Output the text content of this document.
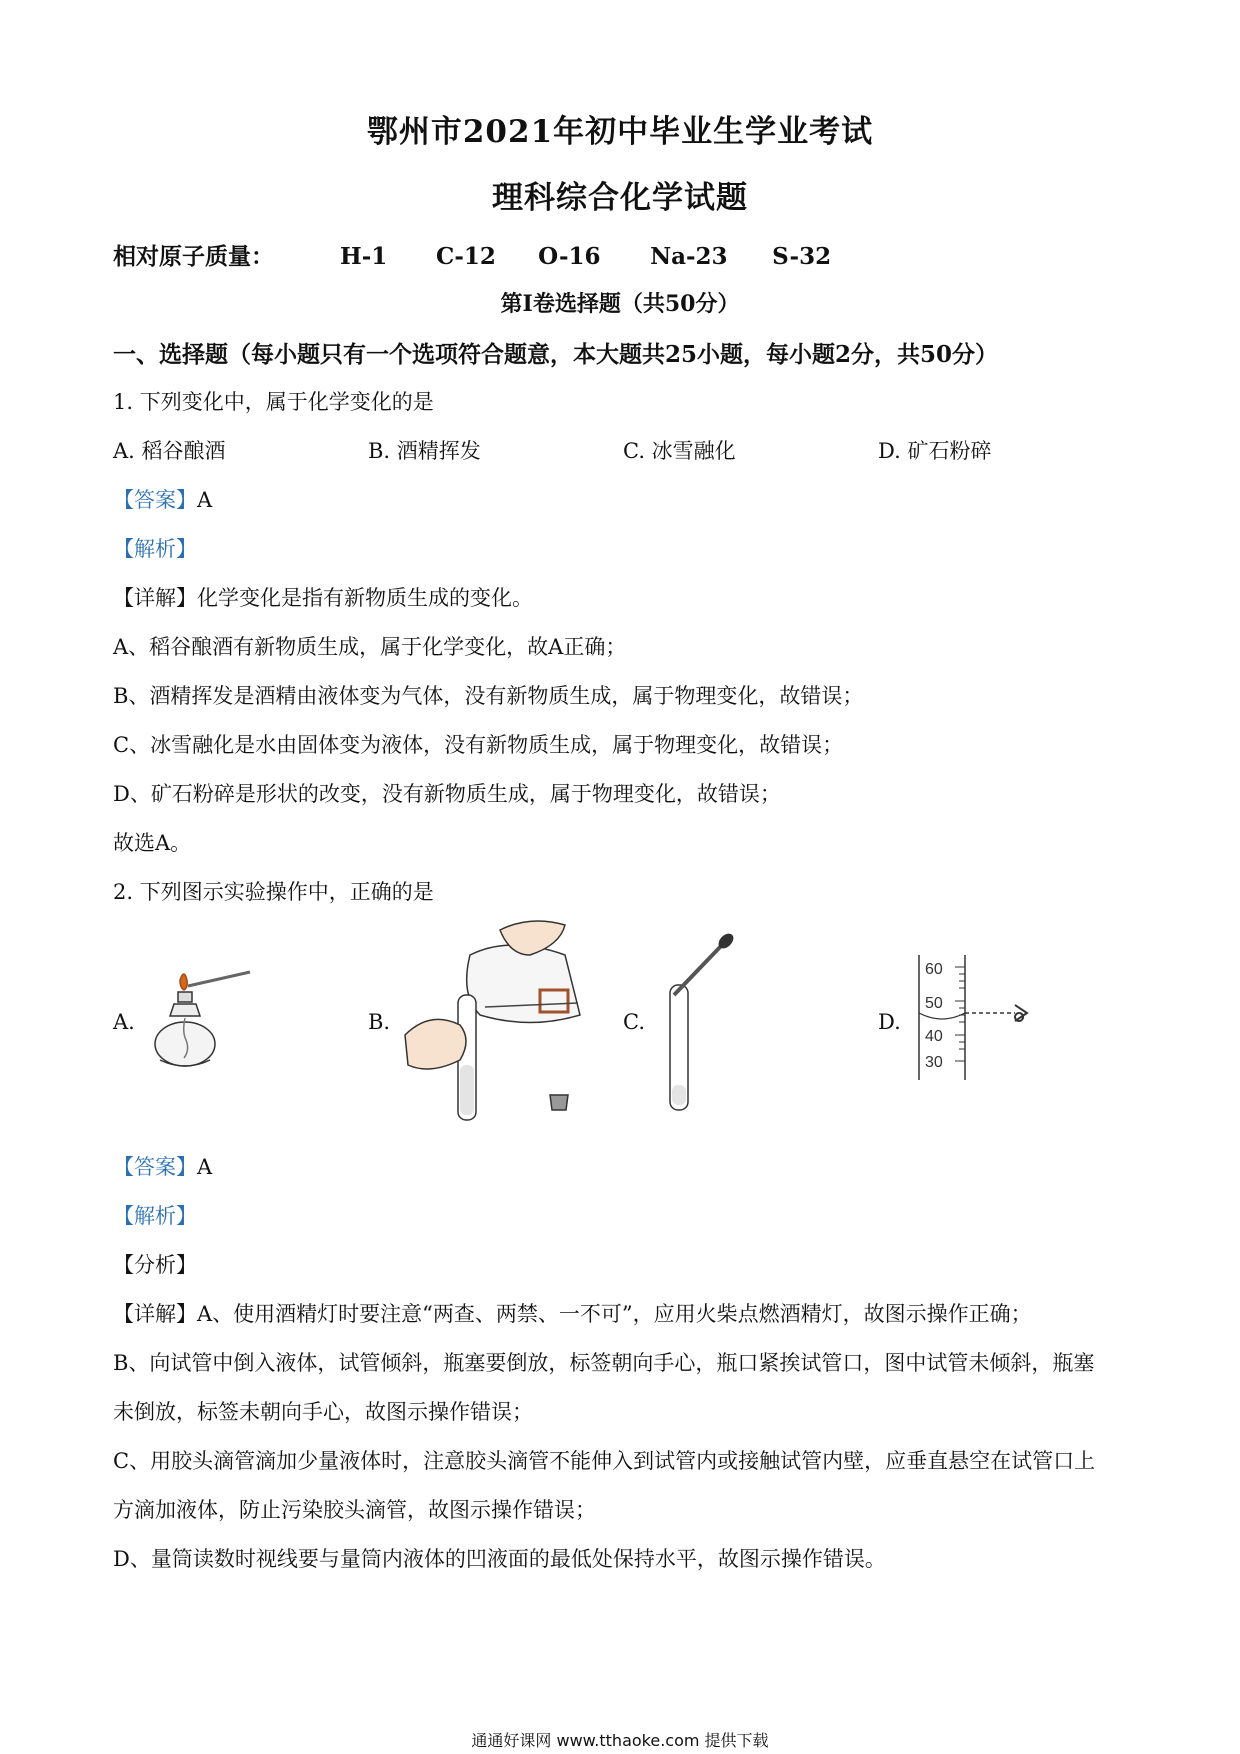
鄂州市2021年初中毕业生学业考试
理科综合化学试题
相对原子质量：	H-1 C-12 O-16 Na-23 S-32
第Ⅰ卷选择题（共50分）
一、选择题（每小题只有一个选项符合题意，本大题共25小题，每小题2分，共50分）
1. 下列变化中，属于化学变化的是
A. 稻谷酿酒	B. 酒精挥发	C. 冰雪融化	D. 矿石粉碎
【答案】A
【解析】
【详解】化学变化是指有新物质生成的变化。
A、稻谷酿酒有新物质生成，属于化学变化，故A正确；
B、酒精挥发是酒精由液体变为气体，没有新物质生成，属于物理变化，故错误；
C、冰雪融化是水由固体变为液体，没有新物质生成，属于物理变化，故错误；
D、矿石粉碎是形状的改变，没有新物质生成，属于物理变化，故错误；
故选A。
2. 下列图示实验操作中，正确的是
A.	B.	C.	D.
60
50
40
30
【答案】A
【解析】
【分析】
【详解】A、使用酒精灯时要注意“两查、两禁、一不可”，应用火柴点燃酒精灯，故图示操作正确；
B、向试管中倒入液体，试管倾斜，瓶塞要倒放，标签朝向手心，瓶口紧挨试管口，图中试管未倾斜，瓶塞
未倒放，标签未朝向手心，故图示操作错误；
C、用胶头滴管滴加少量液体时，注意胶头滴管不能伸入到试管内或接触试管内壁，应垂直悬空在试管口上
方滴加液体，防止污染胶头滴管，故图示操作错误；
D、量筒读数时视线要与量筒内液体的凹液面的最低处保持水平，故图示操作错误。
通通好课网 www.tthaoke.com 提供下载
